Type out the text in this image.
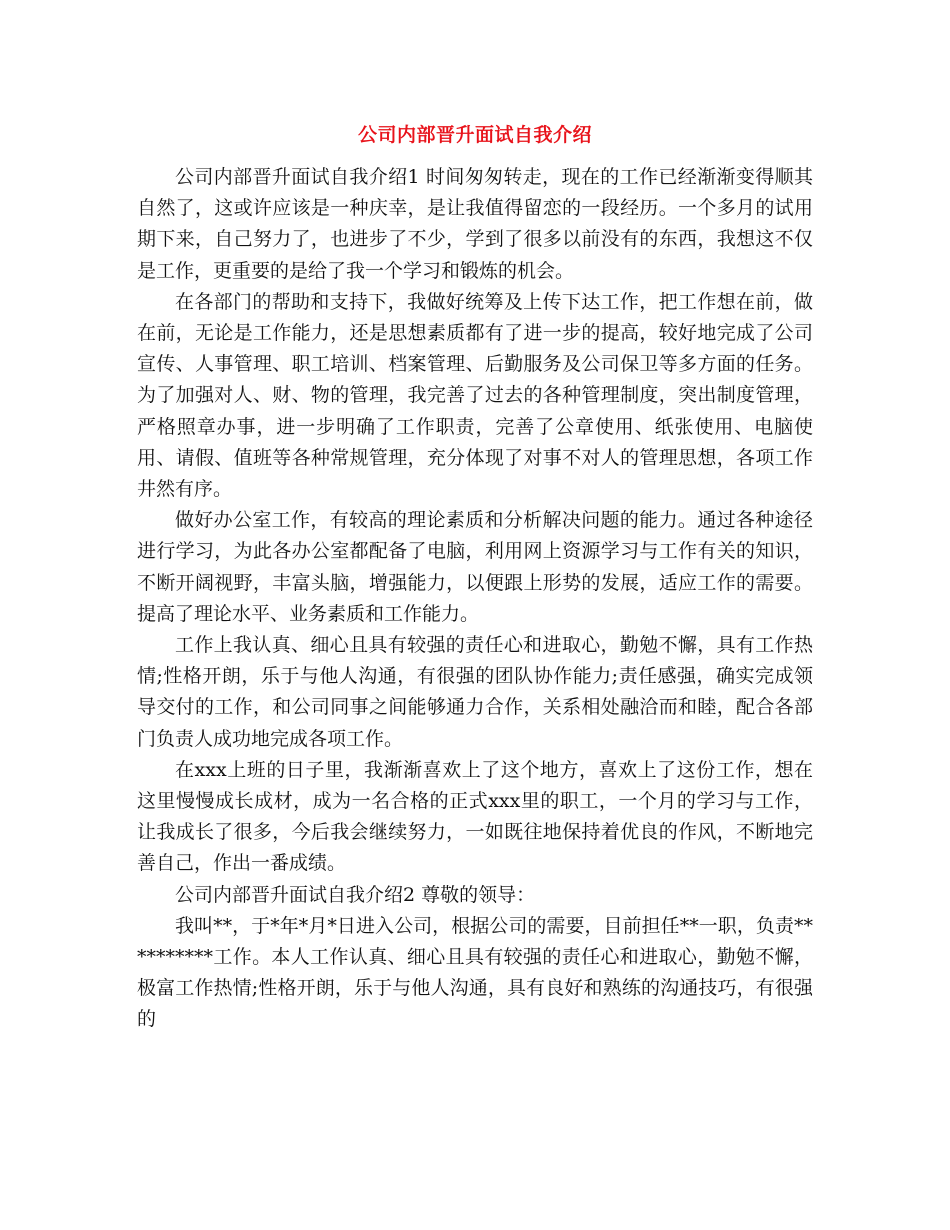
公司内部晋升面试自我介绍

公司内部晋升面试自我介绍1 时间匆匆转走，现在的工作已经渐渐变得顺其自然了，这或许应该是一种庆幸，是让我值得留恋的一段经历。一个多月的试用期下来，自己努力了，也进步了不少，学到了很多以前没有的东西，我想这不仅是工作，更重要的是给了我一个学习和锻炼的机会。

在各部门的帮助和支持下，我做好统筹及上传下达工作，把工作想在前，做在前，无论是工作能力，还是思想素质都有了进一步的提高，较好地完成了公司宣传、人事管理、职工培训、档案管理、后勤服务及公司保卫等多方面的任务。为了加强对人、财、物的管理，我完善了过去的各种管理制度，突出制度管理，严格照章办事，进一步明确了工作职责，完善了公章使用、纸张使用、电脑使用、请假、值班等各种常规管理，充分体现了对事不对人的管理思想，各项工作井然有序。

做好办公室工作，有较高的理论素质和分析解决问题的能力。通过各种途径进行学习，为此各办公室都配备了电脑，利用网上资源学习与工作有关的知识，不断开阔视野，丰富头脑，增强能力，以便跟上形势的发展，适应工作的需要。提高了理论水平、业务素质和工作能力。

工作上我认真、细心且具有较强的责任心和进取心，勤勉不懈，具有工作热情;性格开朗，乐于与他人沟通，有很强的团队协作能力;责任感强，确实完成领导交付的工作，和公司同事之间能够通力合作，关系相处融洽而和睦，配合各部门负责人成功地完成各项工作。

在xxx上班的日子里，我渐渐喜欢上了这个地方，喜欢上了这份工作，想在这里慢慢成长成材，成为一名合格的正式xxx里的职工，一个月的学习与工作，让我成长了很多，今后我会继续努力，一如既往地保持着优良的作风，不断地完善自己，作出一番成绩。

公司内部晋升面试自我介绍2 尊敬的领导：

我叫**，于*年*月*日进入公司，根据公司的需要，目前担任**一职，负责**********工作。本人工作认真、细心且具有较强的责任心和进取心，勤勉不懈，极富工作热情;性格开朗，乐于与他人沟通，具有良好和熟练的沟通技巧，有很强的
